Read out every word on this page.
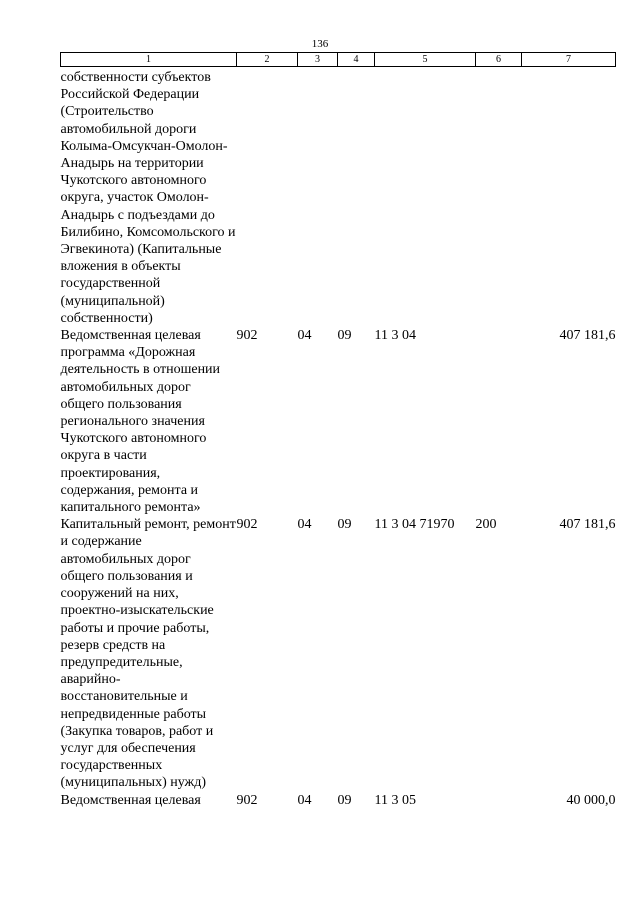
136
1	2	3	4	5	6	7
собственности субъектов Российской Федерации (Строительство автомобильной дороги Колыма-Омсукчан-Омолон-Анадырь на территории Чукотского автономного округа, участок Омолон-Анадырь с подъездами до Билибино, Комсомольского и Эгвекинота) (Капитальные вложения в объекты государственной (муниципальной) собственности)						
Ведомственная целевая программа «Дорожная деятельность в отношении автомобильных дорог общего пользования регионального значения Чукотского автономного округа в части проектирования, содержания, ремонта и капитального ремонта»	902	04	09	11 3 04		407 181,6
Капитальный ремонт, ремонт и содержание автомобильных дорог общего пользования и сооружений на них, проектно-изыскательские работы и прочие работы, резерв средств на предупредительные, аварийно-восстановительные и непредвиденные работы (Закупка товаров, работ и услуг для обеспечения государственных (муниципальных) нужд)	902	04	09	11 3 04 71970	200	407 181,6
Ведомственная целевая	902	04	09	11 3 05		40 000,0
